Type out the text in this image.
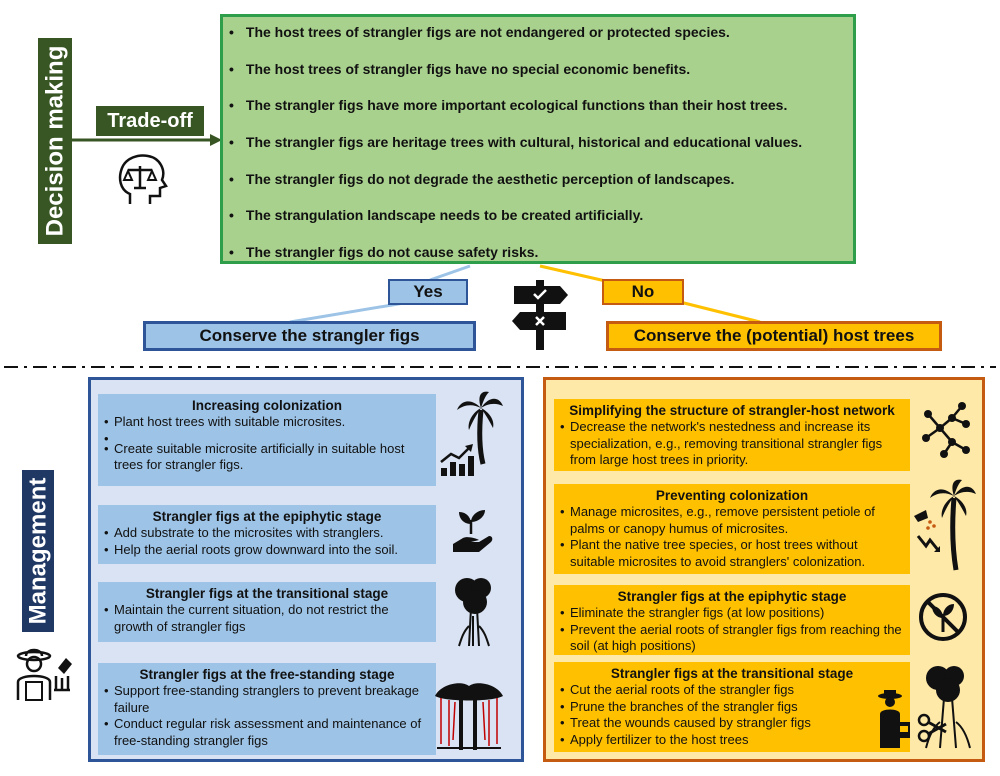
Decision making	Trade-off
• The host trees of strangler figs are not endangered or protected species.
• The host trees of strangler figs have no special economic benefits.
• The strangler figs have more important ecological functions than their host trees.
• The strangler figs are heritage trees with cultural, historical and educational values.
• The strangler figs do not degrade the aesthetic perception of landscapes.
• The strangulation landscape needs to be created artificially.
• The strangler figs do not cause safety risks.
Yes	No
Conserve the strangler figs	Conserve the (potential) host trees
Management
Increasing colonization
• Plant host trees with suitable microsites.
•
• Create suitable microsite artificially in suitable host trees for strangler figs.
Strangler figs at the epiphytic stage
• Add substrate to the microsites with stranglers.
• Help the aerial roots grow downward into the soil.
Strangler figs at the transitional stage
• Maintain the current situation, do not restrict the growth of strangler figs
Strangler figs at the free-standing stage
• Support free-standing stranglers to prevent breakage failure
• Conduct regular risk assessment and maintenance of free-standing strangler figs
Simplifying the structure of strangler-host network
• Decrease the network's nestedness and increase its specialization, e.g., removing transitional strangler figs from large host trees in priority.
Preventing colonization
• Manage microsites, e.g., remove persistent petiole of palms or canopy humus of microsites.
• Plant the native tree species, or host trees without suitable microsites to avoid stranglers' colonization.
Strangler figs at the epiphytic stage
• Eliminate the strangler figs (at low positions)
• Prevent the aerial roots of strangler figs from reaching the soil (at high positions)
Strangler figs at the transitional stage
• Cut the aerial roots of the strangler figs
• Prune the branches of the strangler figs
• Treat the wounds caused by strangler figs
• Apply fertilizer to the host trees
